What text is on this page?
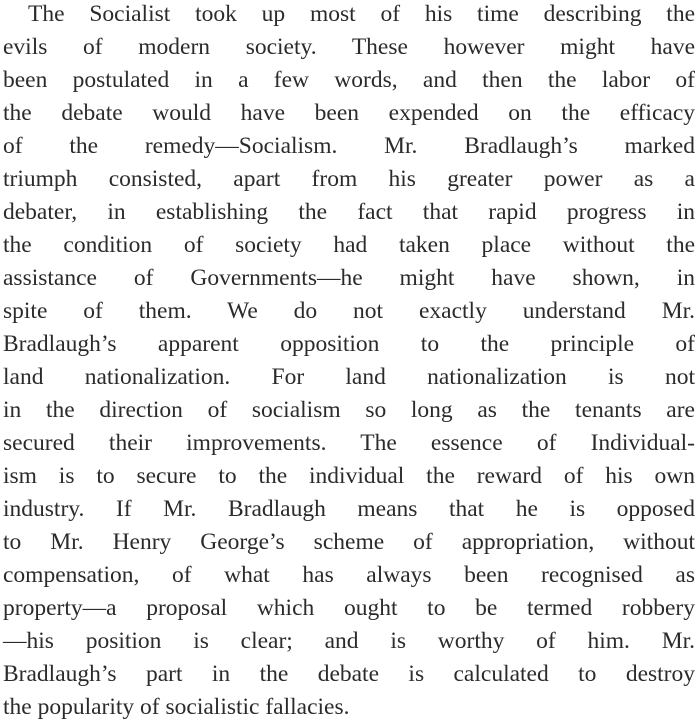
The Socialist took up most of his time describing the
evils of modern society. These however might have
been postulated in a few words, and then the labor of
the debate would have been expended on the efficacy
of the remedy—Socialism. Mr. Bradlaugh’s marked
triumph consisted, apart from his greater power as a
debater, in establishing the fact that rapid progress in
the condition of society had taken place without the
assistance of Governments—he might have shown, in
spite of them. We do not exactly understand Mr.
Bradlaugh’s apparent opposition to the principle of
land nationalization. For land nationalization is not
in the direction of socialism so long as the tenants are
secured their improvements. The essence of Individual-
ism is to secure to the individual the reward of his own
industry. If Mr. Bradlaugh means that he is opposed
to Mr. Henry George’s scheme of appropriation, without
compensation, of what has always been recognised as
property—a proposal which ought to be termed robbery
—his position is clear; and is worthy of him. Mr.
Bradlaugh’s part in the debate is calculated to destroy
the popularity of socialistic fallacies.
